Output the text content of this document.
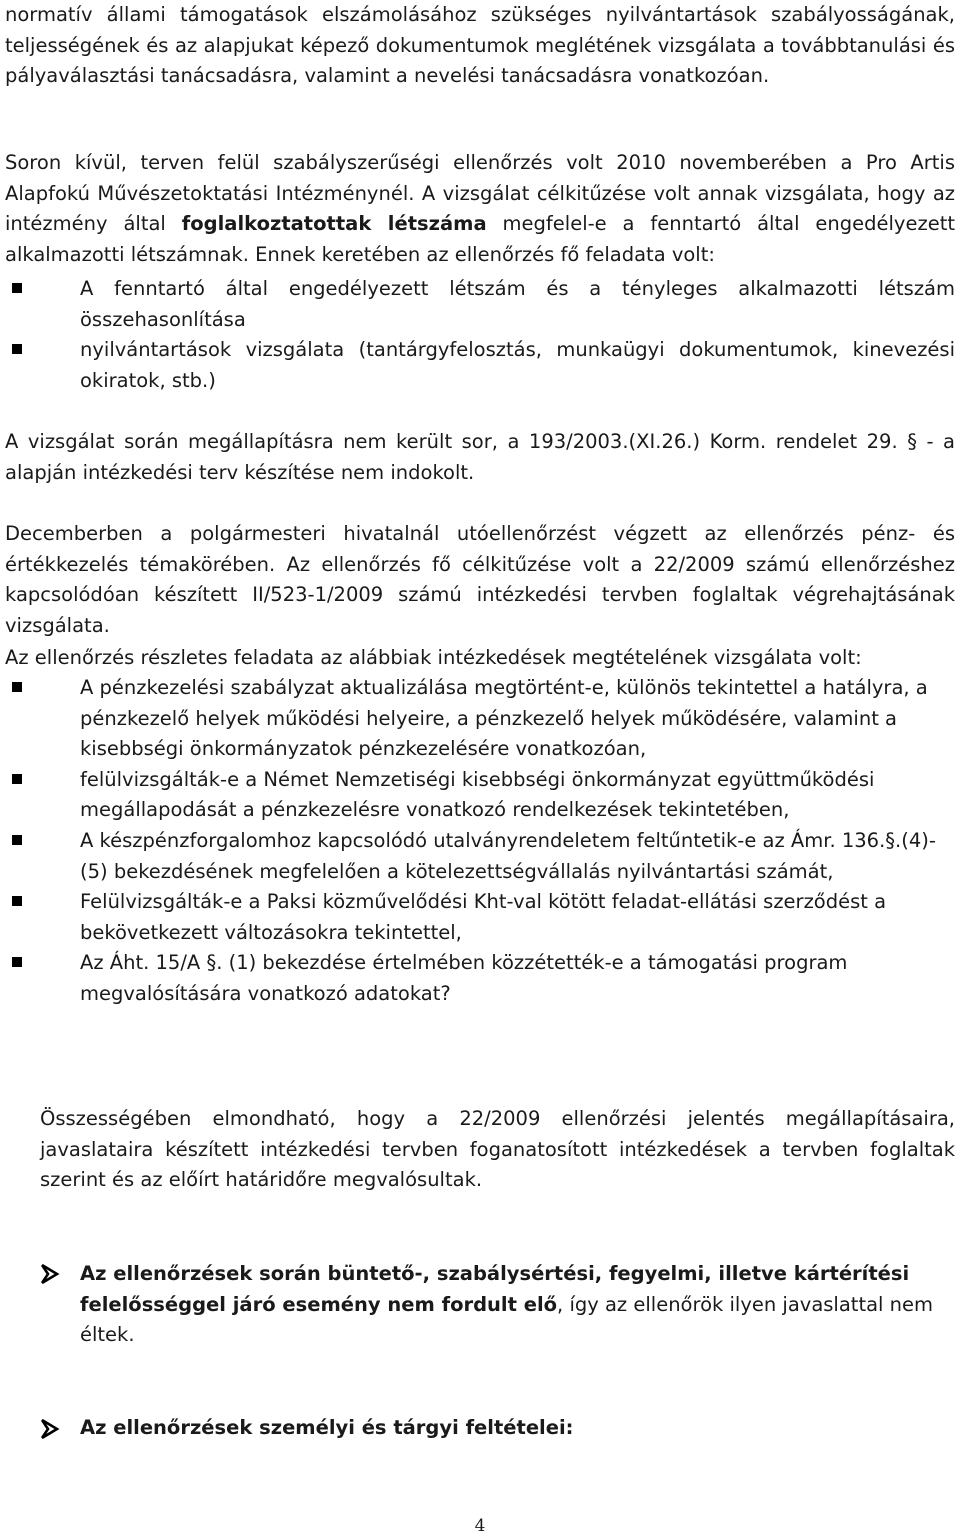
normatív állami támogatások elszámolásához szükséges nyilvántartások szabályosságának, teljességének és az alapjukat képező dokumentumok meglétének vizsgálata a továbbtanulási és pályaválasztási tanácsadásra, valamint a nevelési tanácsadásra vonatkozóan.

Soron kívül, terven felül szabályszerűségi ellenőrzés volt 2010 novemberében a Pro Artis Alapfokú Művészetoktatási Intézménynél. A vizsgálat célkitűzése volt annak vizsgálata, hogy az intézmény által foglalkoztatottak létszáma megfelel-e a fenntartó által engedélyezett alkalmazotti létszámnak. Ennek keretében az ellenőrzés fő feladata volt:

A fenntartó által engedélyezett létszám és a tényleges alkalmazotti létszám összehasonlítása
nyilvántartások vizsgálata (tantárgyfelosztás, munkaügyi dokumentumok, kinevezési okiratok, stb.)

A vizsgálat során megállapításra nem került sor, a 193/2003.(XI.26.) Korm. rendelet 29. § - a alapján intézkedési terv készítése nem indokolt.

Decemberben a polgármesteri hivatalnál utóellenőrzést végzett az ellenőrzés pénz- és értékkezelés témakörében. Az ellenőrzés fő célkitűzése volt a 22/2009 számú ellenőrzéshez kapcsolódóan készített II/523-1/2009 számú intézkedési tervben foglaltak végrehajtásának vizsgálata.

Az ellenőrzés részletes feladata az alábbiak intézkedések megtételének vizsgálata volt:

A pénzkezelési szabályzat aktualizálása megtörtént-e, különös tekintettel a hatályra, a pénzkezelő helyek működési helyeire, a pénzkezelő helyek működésére, valamint a kisebbségi önkormányzatok pénzkezelésére vonatkozóan,
felülvizsgálták-e a Német Nemzetiségi kisebbségi önkormányzat együttműködési megállapodását a pénzkezelésre vonatkozó rendelkezések tekintetében,
A készpénzforgalomhoz kapcsolódó utalványrendeletem feltűntetik-e az Ámr. 136.§.(4)-(5) bekezdésének megfelelően a kötelezettségvállalás nyilvántartási számát,
Felülvizsgálták-e a Paksi közművelődési Kht-val kötött feladat-ellátási szerződést a bekövetkezett változásokra tekintettel,
Az Áht. 15/A §. (1) bekezdése értelmében közzétették-e a támogatási program megvalósítására vonatkozó adatokat?

Összességében elmondható, hogy a 22/2009 ellenőrzési jelentés megállapításaira, javaslataira készített intézkedési tervben foganatosított intézkedések a tervben foglaltak szerint és az előírt határidőre megvalósultak.

Az ellenőrzések során büntető-, szabálysértési, fegyelmi, illetve kártérítési felelősséggel járó esemény nem fordult elő, így az ellenőrök ilyen javaslattal nem éltek.

Az ellenőrzések személyi és tárgyi feltételei:

4
